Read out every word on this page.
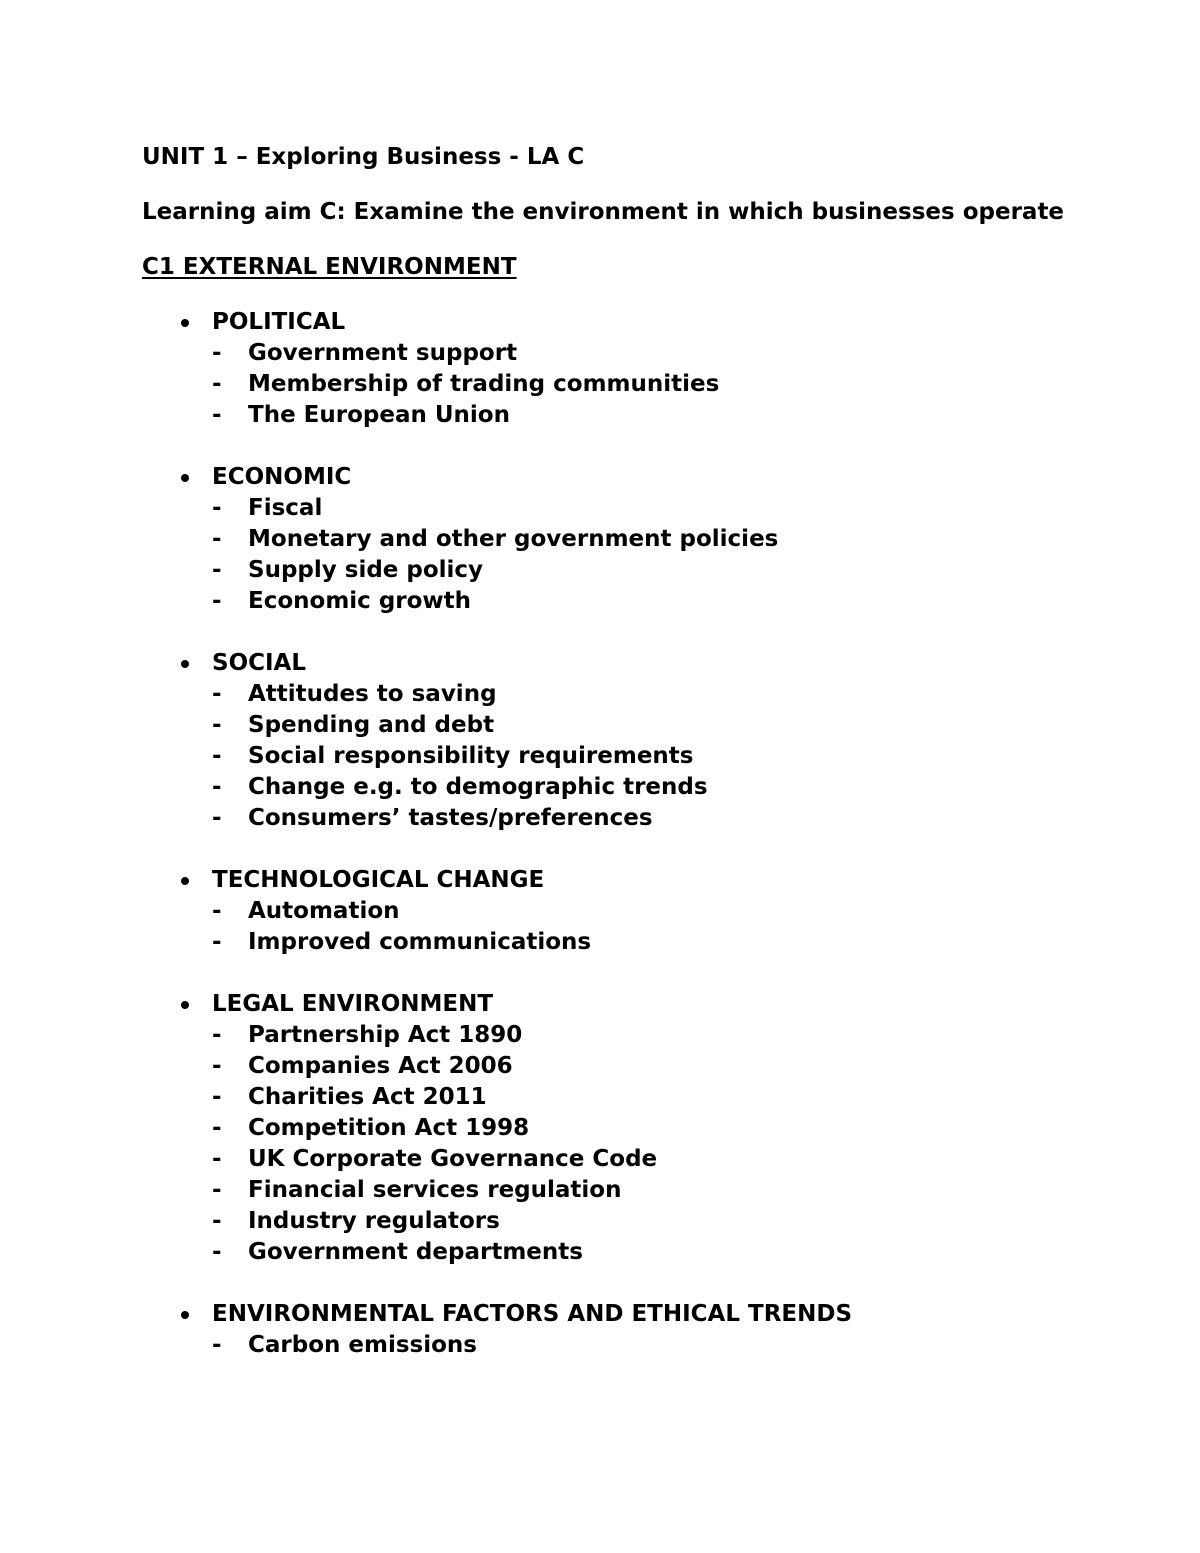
UNIT 1 – Exploring Business - LA C

Learning aim C: Examine the environment in which businesses operate

C1 EXTERNAL ENVIRONMENT

POLITICAL
- Government support
- Membership of trading communities
- The European Union
ECONOMIC
- Fiscal
- Monetary and other government policies
- Supply side policy
- Economic growth
SOCIAL
- Attitudes to saving
- Spending and debt
- Social responsibility requirements
- Change e.g. to demographic trends
- Consumers’ tastes/preferences
TECHNOLOGICAL CHANGE
- Automation
- Improved communications
LEGAL ENVIRONMENT
- Partnership Act 1890
- Companies Act 2006
- Charities Act 2011
- Competition Act 1998
- UK Corporate Governance Code
- Financial services regulation
- Industry regulators
- Government departments
ENVIRONMENTAL FACTORS AND ETHICAL TRENDS
- Carbon emissions
